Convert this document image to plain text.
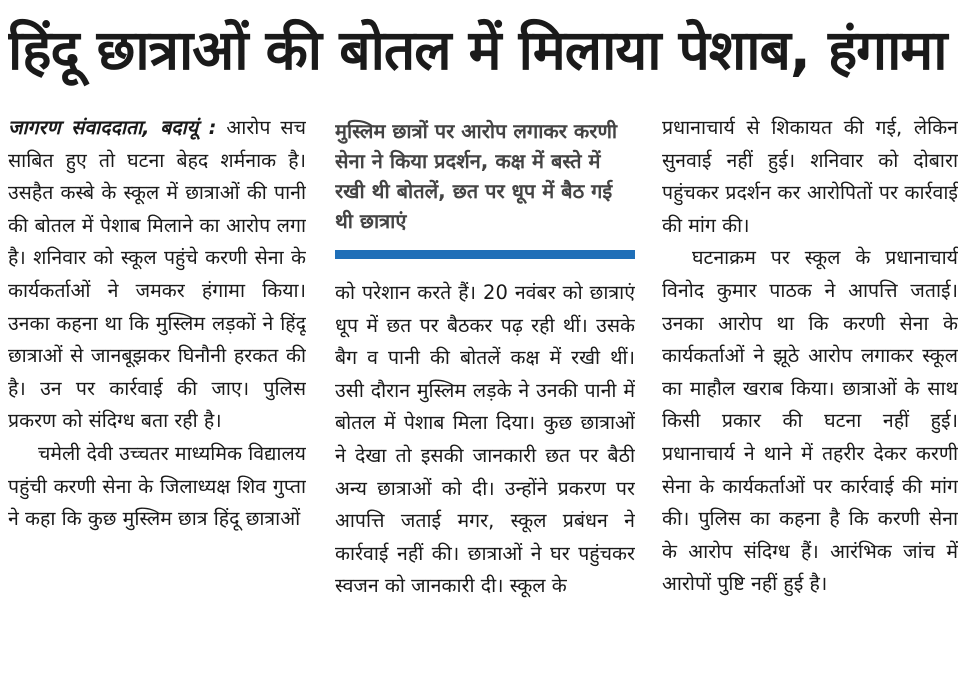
हिंदू छात्राओं की बोतल में मिलाया पेशाब, हंगामा

जागरण संवाददाता, बदायूं : आरोप सच साबित हुए तो घटना बेहद शर्मनाक है। उसहैत कस्बे के स्कूल में छात्राओं की पानी की बोतल में पेशाब मिलाने का आरोप लगा है। शनिवार को स्कूल पहुंचे करणी सेना के कार्यकर्ताओं ने जमकर हंगामा किया। उनका कहना था कि मुस्लिम लड़कों ने हिंदू छात्राओं से जानबूझकर घिनौनी हरकत की है। उन पर कार्रवाई की जाए। पुलिस प्रकरण को संदिग्ध बता रही है।

चमेली देवी उच्चतर माध्यमिक विद्यालय पहुंची करणी सेना के जिलाध्यक्ष शिव गुप्ता ने कहा कि कुछ मुस्लिम छात्र हिंदू छात्राओं

मुस्लिम छात्रों पर आरोप लगाकर करणी सेना ने किया प्रदर्शन, कक्ष में बस्ते में रखी थी बोतलें, छत पर धूप में बैठ गई थी छात्राएं

को परेशान करते हैं। 20 नवंबर को छात्राएं धूप में छत पर बैठकर पढ़ रही थीं। उसके बैग व पानी की बोतलें कक्ष में रखी थीं। उसी दौरान मुस्लिम लड़के ने उनकी पानी में बोतल में पेशाब मिला दिया। कुछ छात्राओं ने देखा तो इसकी जानकारी छत पर बैठी अन्य छात्राओं को दी। उन्होंने प्रकरण पर आपत्ति जताई मगर, स्कूल प्रबंधन ने कार्रवाई नहीं की। छात्राओं ने घर पहुंचकर स्वजन को जानकारी दी। स्कूल के

प्रधानाचार्य से शिकायत की गई, लेकिन सुनवाई नहीं हुई। शनिवार को दोबारा पहुंचकर प्रदर्शन कर आरोपितों पर कार्रवाई की मांग की।

घटनाक्रम पर स्कूल के प्रधानाचार्य विनोद कुमार पाठक ने आपत्ति जताई। उनका आरोप था कि करणी सेना के कार्यकर्ताओं ने झूठे आरोप लगाकर स्कूल का माहौल खराब किया। छात्राओं के साथ किसी प्रकार की घटना नहीं हुई। प्रधानाचार्य ने थाने में तहरीर देकर करणी सेना के कार्यकर्ताओं पर कार्रवाई की मांग की। पुलिस का कहना है कि करणी सेना के आरोप संदिग्ध हैं। आरंभिक जांच में आरोपों पुष्टि नहीं हुई है।
